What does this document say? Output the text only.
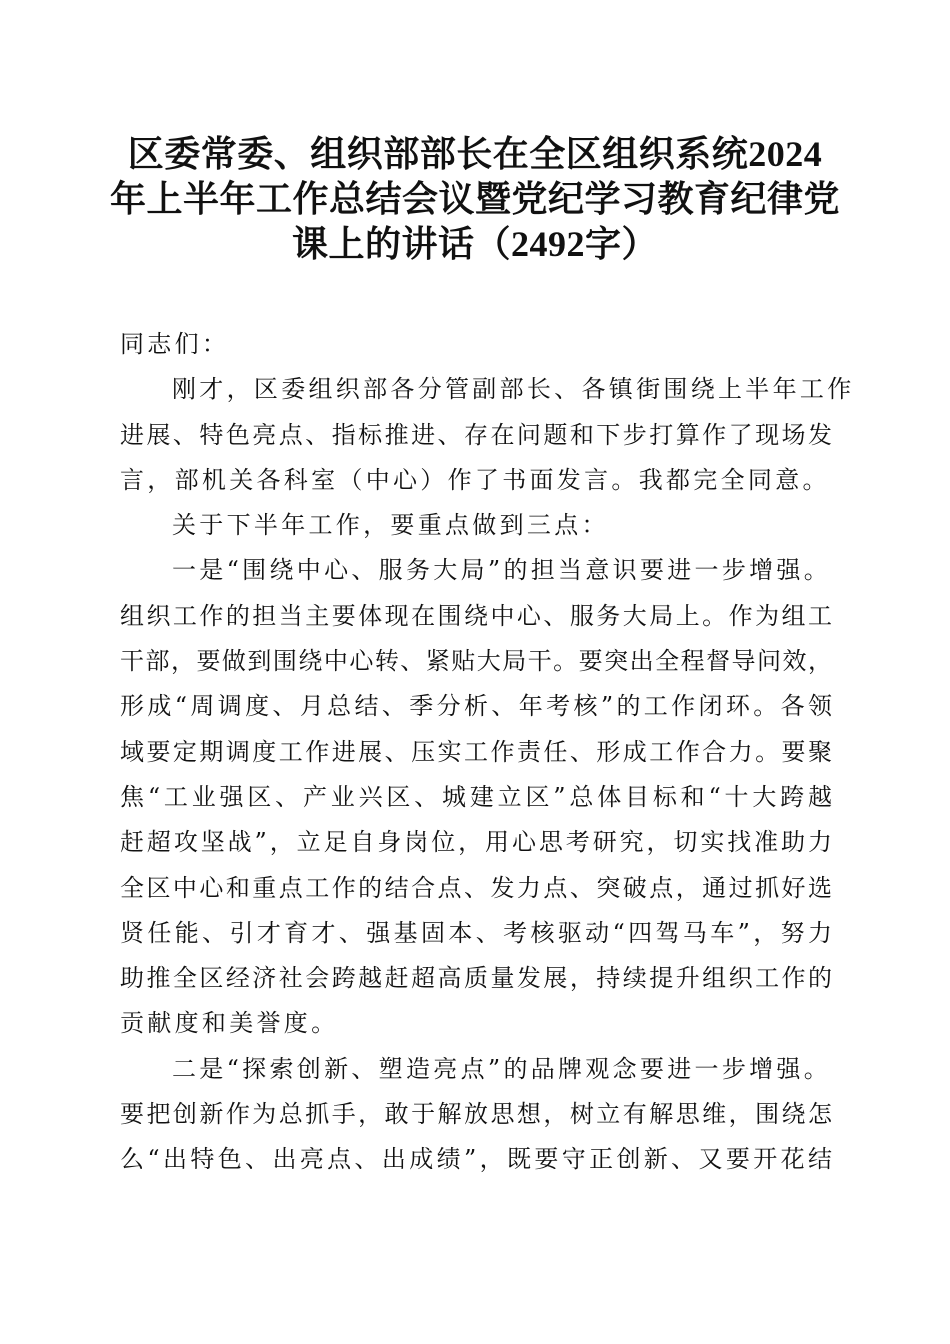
区委常委、组织部部长在全区组织系统2024
年上半年工作总结会议暨党纪学习教育纪律党
课上的讲话（2492字）
同志们：
刚才，区委组织部各分管副部长、各镇街围绕上半年工作
进展、特色亮点、指标推进、存在问题和下步打算作了现场发
言，部机关各科室（中心）作了书面发言。我都完全同意。
关于下半年工作，要重点做到三点：
一是“围绕中心、服务大局”的担当意识要进一步增强。
组织工作的担当主要体现在围绕中心、服务大局上。作为组工
干部，要做到围绕中心转、紧贴大局干。要突出全程督导问效，
形成“周调度、月总结、季分析、年考核”的工作闭环。各领
域要定期调度工作进展、压实工作责任、形成工作合力。要聚
焦“工业强区、产业兴区、城建立区”总体目标和“十大跨越
赶超攻坚战”，立足自身岗位，用心思考研究，切实找准助力
全区中心和重点工作的结合点、发力点、突破点，通过抓好选
贤任能、引才育才、强基固本、考核驱动“四驾马车”，努力
助推全区经济社会跨越赶超高质量发展，持续提升组织工作的
贡献度和美誉度。
二是“探索创新、塑造亮点”的品牌观念要进一步增强。
要把创新作为总抓手，敢于解放思想，树立有解思维，围绕怎
么“出特色、出亮点、出成绩”，既要守正创新、又要开花结
